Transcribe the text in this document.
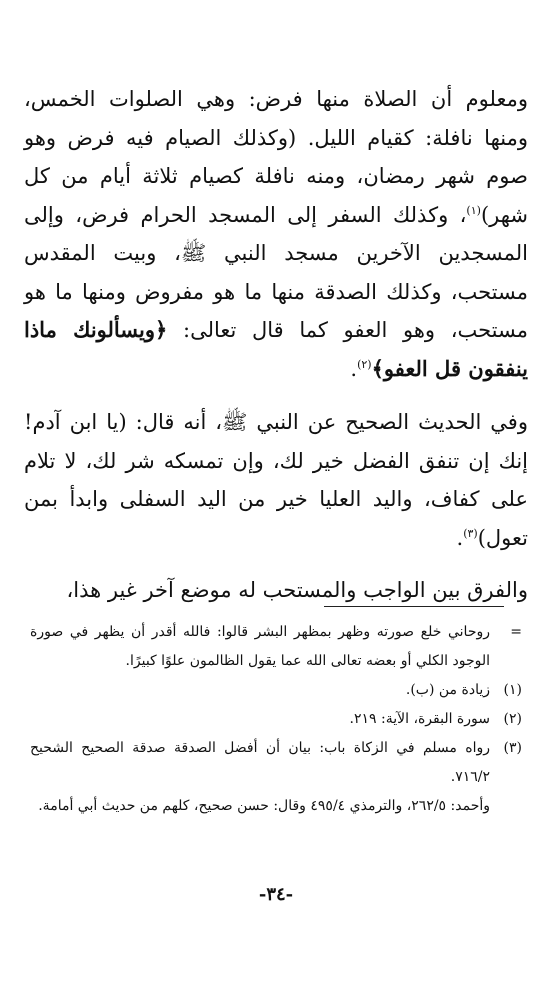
ومعلوم أن الصلاة منها فرض: وهي الصلوات الخمس، ومنها نافلة: كقيام الليل. (وكذلك الصيام فيه فرض وهو صوم شهر رمضان، ومنه نافلة كصيام ثلاثة أيام من كل شهر)$^{(١)}$، وكذلك السفر إلى المسجد الحرام فرض، وإلى المسجدين الآخرين مسجد النبي ﷺ، وبيت المقدس مستحب، وكذلك الصدقة منها ما هو مفروض ومنها ما هو مستحب، وهو العفو كما قال تعالى: ﴿ويسألونك ماذا ينفقون قل العفو﴾$^{(٢)}$.

وفي الحديث الصحيح عن النبي ﷺ، أنه قال: (يا ابن آدم! إنك إن تنفق الفضل خير لك، وإن تمسكه شر لك، لا تلام على كفاف، واليد العليا خير من اليد السفلى وابدأ بمن تعول)$^{(٣)}$.

والفرق بين الواجب والمستحب له موضع آخر غير هذا،

=
روحاني خلع صورته وظهر بمظهر البشر قالوا: فالله أقدر أن يظهر في صورة الوجود الكلي أو بعضه تعالى الله عما يقول الظالمون علوًا كبيرًا.
(١)
زيادة من (ب).
(٢)
سورة البقرة، الآية: ٢١٩.
(٣)
رواه مسلم في الزكاة باب: بيان أن أفضل الصدقة صدقة الصحيح الشحيح ٧١٦/٢.
وأحمد: ٢٦٢/٥، والترمذي ٤٩٥/٤ وقال: حسن صحيح، كلهم من حديث أبي أمامة.
-٣٤-
